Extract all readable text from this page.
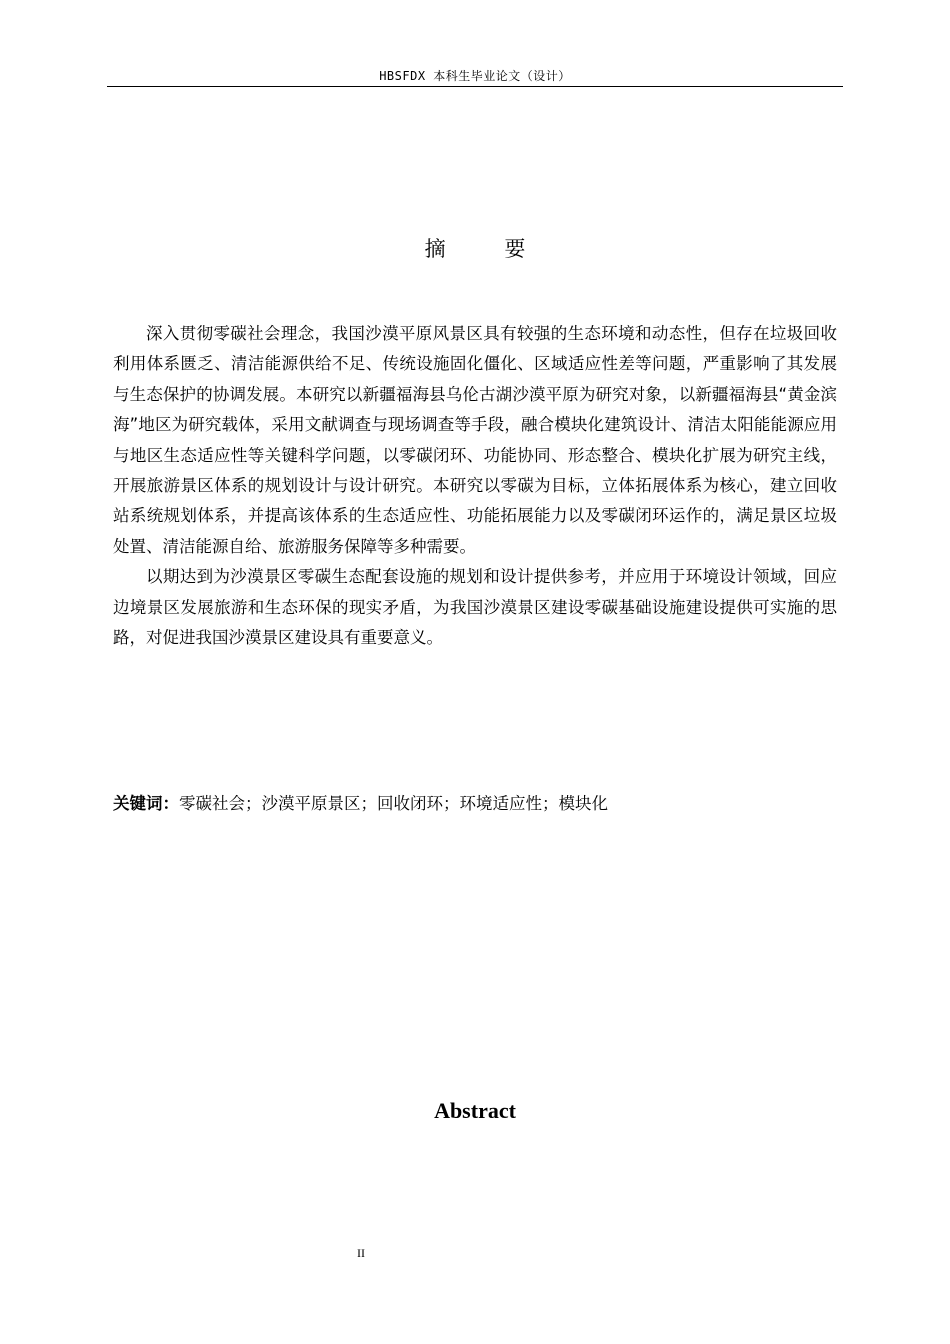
HBSFDX 本科生毕业论文（设计）
摘 要

深入贯彻零碳社会理念，我国沙漠平原风景区具有较强的生态环境和动态性，但存在垃圾回收利用体系匮乏、清洁能源供给不足、传统设施固化僵化、区域适应性差等问题，严重影响了其发展与生态保护的协调发展。本研究以新疆福海县乌伦古湖沙漠平原为研究对象，以新疆福海县“黄金滨海”地区为研究载体，采用文献调查与现场调查等手段，融合模块化建筑设计、清洁太阳能能源应用与地区生态适应性等关键科学问题，以零碳闭环、功能协同、形态整合、模块化扩展为研究主线，开展旅游景区体系的规划设计与设计研究。本研究以零碳为目标，立体拓展体系为核心，建立回收站系统规划体系，并提高该体系的生态适应性、功能拓展能力以及零碳闭环运作的，满足景区垃圾处置、清洁能源自给、旅游服务保障等多种需要。

以期达到为沙漠景区零碳生态配套设施的规划和设计提供参考，并应用于环境设计领域，回应边境景区发展旅游和生态环保的现实矛盾，为我国沙漠景区建设零碳基础设施建设提供可实施的思路，对促进我国沙漠景区建设具有重要意义。

关键词：零碳社会；沙漠平原景区；回收闭环；环境适应性；模块化
Abstract
II
